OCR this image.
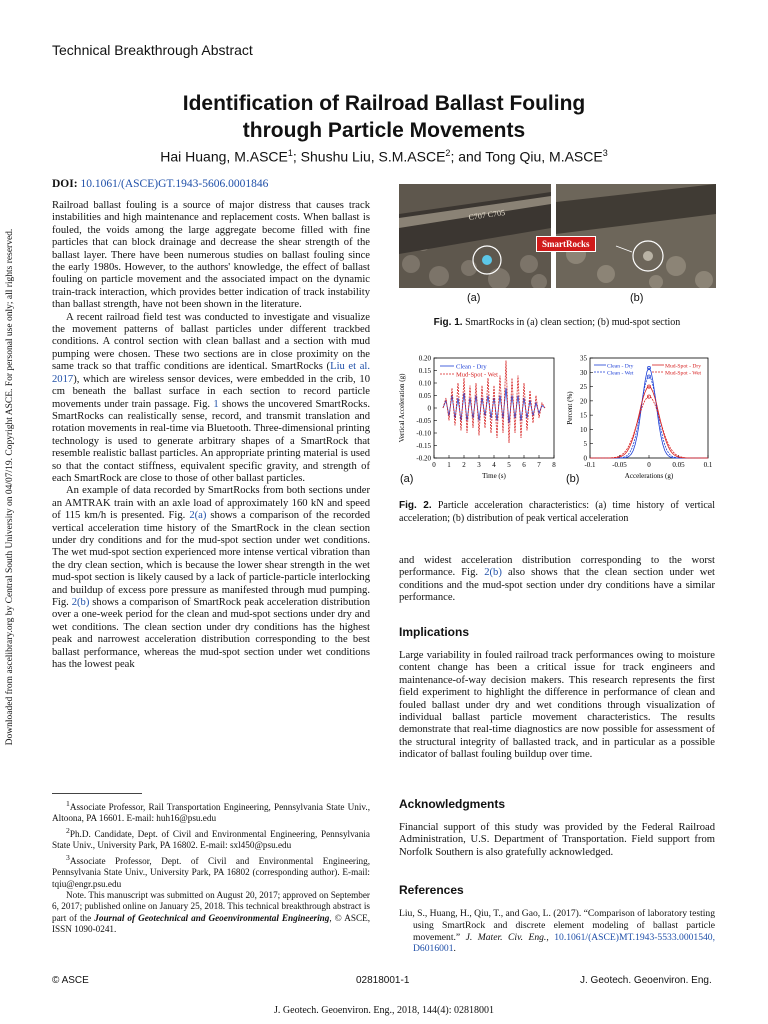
Downloaded from ascelibrary.org by Central South University on 04/07/19. Copyright ASCE. For personal use only; all rights reserved.
Technical Breakthrough Abstract
Identification of Railroad Ballast Fouling
through Particle Movements
Hai Huang, M.ASCE$^1$; Shushu Liu, S.M.ASCE$^2$; and Tong Qiu, M.ASCE$^3$
DOI: 10.1061/(ASCE)GT.1943-5606.0001846

Railroad ballast fouling is a source of major distress that causes track instabilities and high maintenance and replacement costs. When ballast is fouled, the voids among the large aggregate become filled with fine particles that can block drainage and decrease the shear strength of the ballast layer. There have been numerous studies on ballast fouling since the early 1980s. However, to the authors' knowledge, the effect of ballast fouling on particle movement and the associated impact on the dynamic train-track interaction, which provides better indication of track instability than ballast strength, have not been shown in the literature.

A recent railroad field test was conducted to investigate and visualize the movement patterns of ballast particles under different trackbed conditions. A control section with clean ballast and a section with mud pumping were chosen. These two sections are in close proximity on the same track so that traffic conditions are identical. SmartRocks (Liu et al. 2017), which are wireless sensor devices, were embedded in the crib, 10 cm beneath the ballast surface in each section to record particle movements under train passage. Fig. 1 shows the uncovered SmartRocks. SmartRocks can realistically sense, record, and transmit translation and rotation movements in real-time via Bluetooth. Three-dimensional printing technology is used to generate arbitrary shapes of a SmartRock that resemble realistic ballast particles. An appropriate printing material is used so that the contact stiffness, equivalent specific gravity, and strength of each SmartRock are close to those of other ballast particles.

An example of data recorded by SmartRocks from both sections under an AMTRAK train with an axle load of approximately 160 kN and speed of 115 km/h is presented. Fig. 2(a) shows a comparison of the recorded vertical acceleration time history of the SmartRock in the clean section under dry conditions and for the mud-spot section under wet conditions. The wet mud-spot section experienced more intense vertical vibration than the dry clean section, which is because the lower shear strength in the wet mud-spot section is likely caused by a lack of particle-particle interlocking and buildup of excess pore pressure as manifested through mud pumping. Fig. 2(b) shows a comparison of SmartRock peak acceleration distribution over a one-week period for the clean and mud-spot sections under dry and wet conditions. The clean section under dry conditions has the highest peak and narrowest acceleration distribution corresponding to the best ballast performance, whereas the mud-spot section under wet conditions has the lowest peak

$^1$Associate Professor, Rail Transportation Engineering, Pennsylvania State Univ., Altoona, PA 16601. E-mail: huh16@psu.edu

$^2$Ph.D. Candidate, Dept. of Civil and Environmental Engineering, Pennsylvania State Univ., University Park, PA 16802. E-mail: sxl450@psu.edu

$^3$Associate Professor, Dept. of Civil and Environmental Engineering, Pennsylvania State Univ., University Park, PA 16802 (corresponding author). E-mail: tqiu@engr.psu.edu

Note. This manuscript was submitted on August 20, 2017; approved on September 6, 2017; published online on January 25, 2018. This technical breakthrough abstract is part of the Journal of Geotechnical and Geoenvironmental Engineering, © ASCE, ISSN 1090-0241.

C707 C705
SmartRocks
(a)	(b)
Fig. 1. SmartRocks in (a) clean section; (b) mud-spot section
0.20
0.15
0.10
0.05
0
-0.05
-0.10
-0.15
-0.20
0 1 2 3 4 5 6 7 8
Time (s)
Vertical Acceleration (g)
Clean - Dry
Mud-Spot - Wet
35
30
25
20
15
10
5
0
-0.1 -0.05	0	0.05	0.1
Accelerations (g)
Percent (%)
Clean - Dry
Clean - Wet
Mud-Spot - Dry
Mud-Spot - Wet
(a)	(b)
Fig. 2. Particle acceleration characteristics: (a) time history of vertical acceleration; (b) distribution of peak vertical acceleration

and widest acceleration distribution corresponding to the worst performance. Fig. 2(b) also shows that the clean section under wet conditions and the mud-spot section under dry conditions have a similar performance.

Implications

Large variability in fouled railroad track performances owing to moisture content change has been a critical issue for track engineers and maintenance-of-way decision makers. This research represents the first field experiment to highlight the difference in performance of clean and fouled ballast under dry and wet conditions through visualization of individual ballast particle movement characteristics. The results demonstrate that real-time diagnostics are now possible for assessment of the structural integrity of ballasted track, and in particular as a possible indicator of ballast fouling buildup over time.

Acknowledgments

Financial support of this study was provided by the Federal Railroad Administration, U.S. Department of Transportation. Field support from Norfolk Southern is also gratefully acknowledged.

References

Liu, S., Huang, H., Qiu, T., and Gao, L. (2017). “Comparison of laboratory testing using SmartRock and discrete element modeling of ballast particle movement.” J. Mater. Civ. Eng., 10.1061/(ASCE)MT.1943-5533.0001540, D6016001.

© ASCE	02818001-1	J. Geotech. Geoenviron. Eng.
J. Geotech. Geoenviron. Eng., 2018, 144(4): 02818001
